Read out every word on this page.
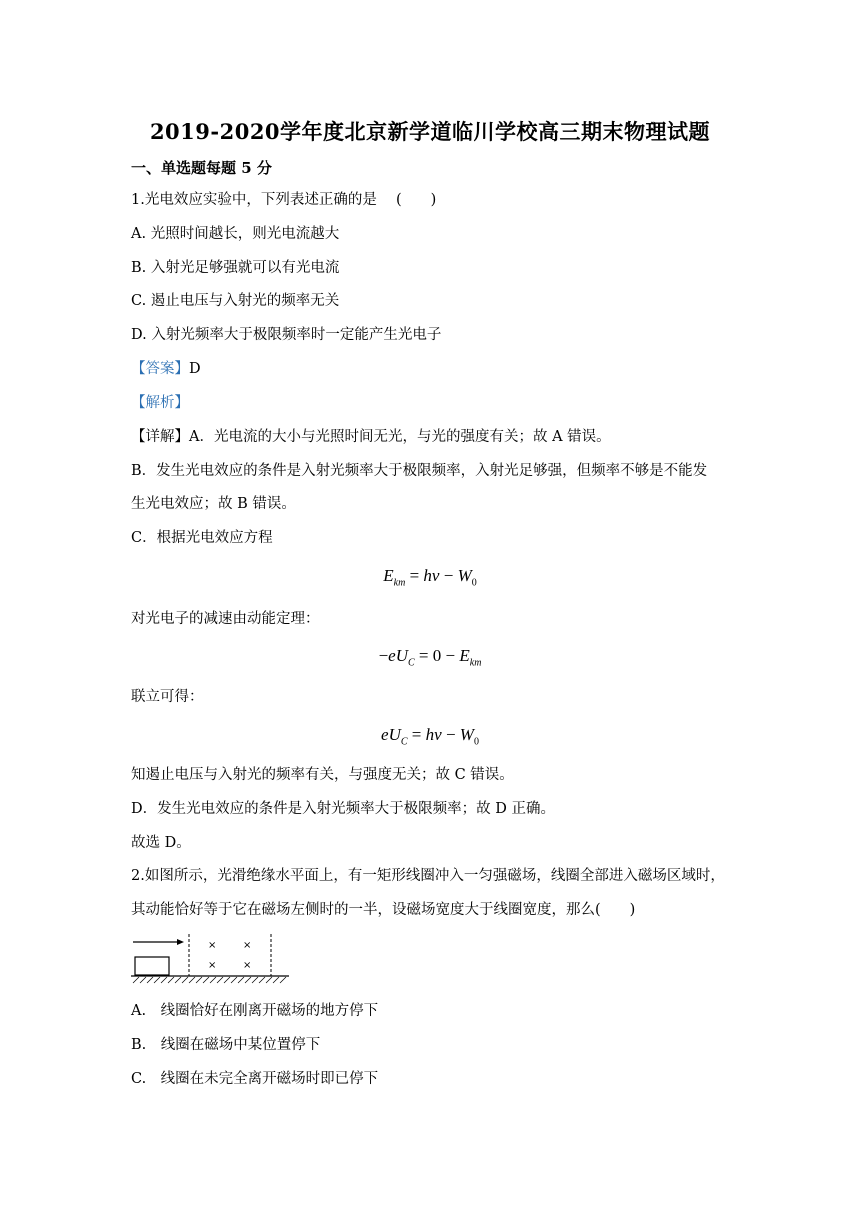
2019-2020学年度北京新学道临川学校高三期末物理试题
一、单选题每题 5 分
1.光电效应实验中，下列表述正确的是　 (　　)
A. 光照时间越长，则光电流越大
B. 入射光足够强就可以有光电流
C. 遏止电压与入射光的频率无关
D. 入射光频率大于极限频率时一定能产生光电子
【答案】D
【解析】
【详解】A．光电流的大小与光照时间无光，与光的强度有关；故 A 错误。
B．发生光电效应的条件是入射光频率大于极限频率，入射光足够强，但频率不够是不能发
生光电效应；故 B 错误。
C．根据光电效应方程
$E_{km} = h\nu - W_0$
对光电子的减速由动能定理：
$-eU_C = 0 - E_{km}$
联立可得：
$eU_C = h\nu - W_0$
知遏止电压与入射光的频率有关，与强度无关；故 C 错误。
D．发生光电效应的条件是入射光频率大于极限频率；故 D 正确。
故选 D。
2.如图所示，光滑绝缘水平面上，有一矩形线圈冲入一匀强磁场，线圈全部进入磁场区域时，
其动能恰好等于它在磁场左侧时的一半，设磁场宽度大于线圈宽度，那么(　　)
×	×
×	×
A.　线圈恰好在刚离开磁场的地方停下
B.　线圈在磁场中某位置停下
C.　线圈在未完全离开磁场时即已停下
